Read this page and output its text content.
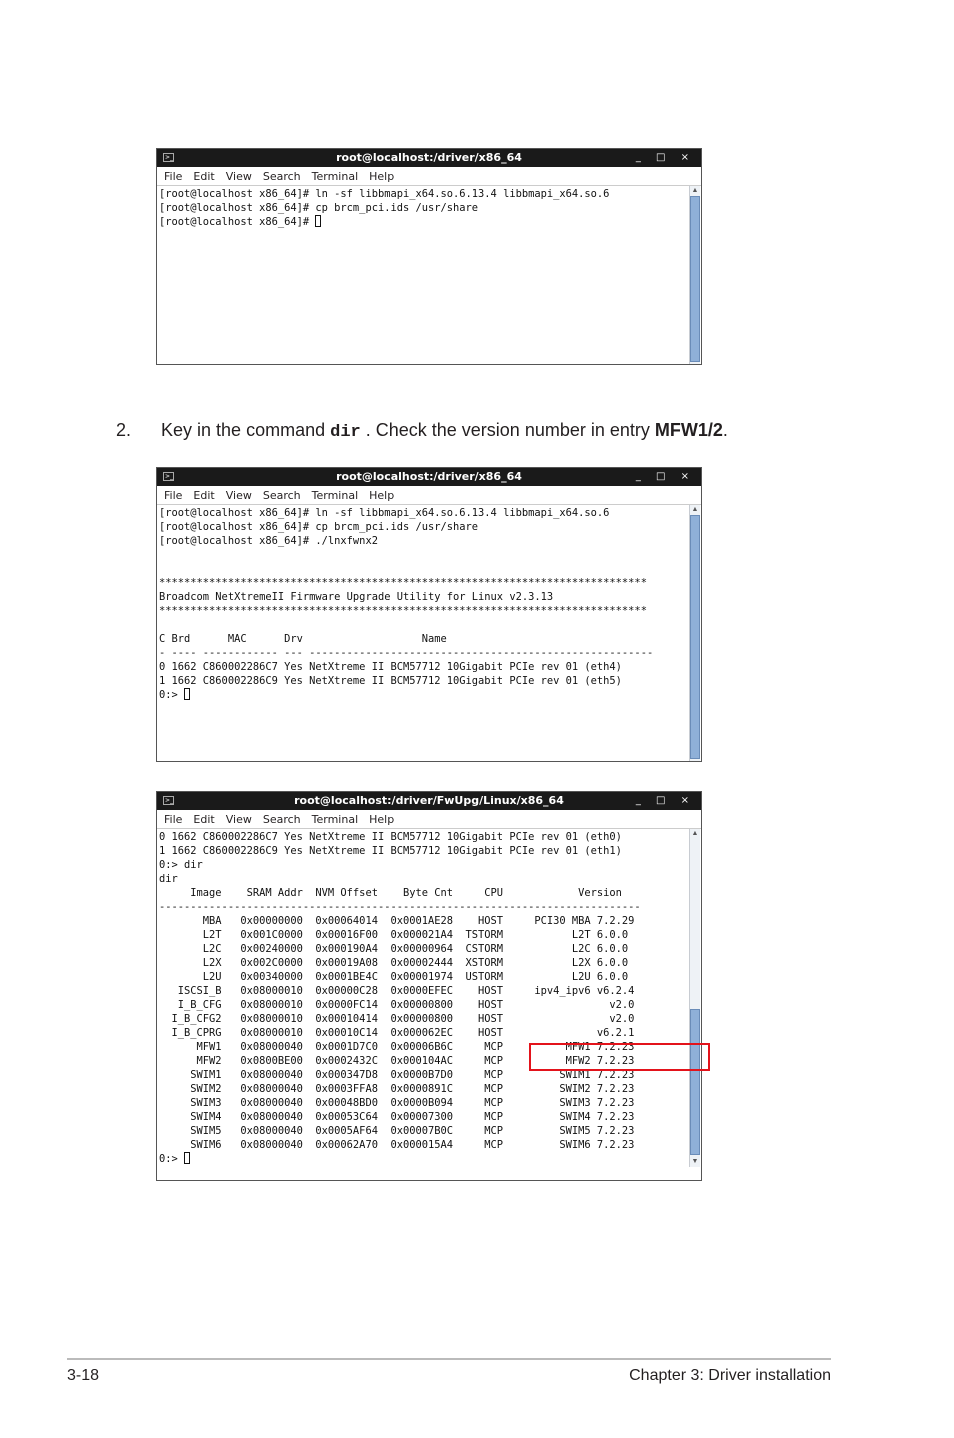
>_	root@localhost:/driver/x86_64	_ □ ×
File Edit View Search Terminal Help
[root@localhost x86_64]# ln -sf libbmapi_x64.so.6.13.4 libbmapi_x64.so.6
[root@localhost x86_64]# cp brcm_pci.ids /usr/share
[root@localhost x86_64]#
▲
2. Key in the command dir . Check the version number in entry MFW1/2.
>_	root@localhost:/driver/x86_64	_ □ ×
File Edit View Search Terminal Help
[root@localhost x86_64]# ln -sf libbmapi_x64.so.6.13.4 libbmapi_x64.so.6
[root@localhost x86_64]# cp brcm_pci.ids /usr/share
[root@localhost x86_64]# ./lnxfwnx2
******************************************************************************
Broadcom NetXtremeII Firmware Upgrade Utility for Linux v2.3.13
******************************************************************************
C Brd      MAC      Drv                   Name
- ---- ------------ --- -------------------------------------------------------
0 1662 C860002286C7 Yes NetXtreme II BCM57712 10Gigabit PCIe rev 01 (eth4)
1 1662 C860002286C9 Yes NetXtreme II BCM57712 10Gigabit PCIe rev 01 (eth5)
0:>
▲
>_	root@localhost:/driver/FwUpg/Linux/x86_64	_ □ ×
File Edit View Search Terminal Help
0 1662 C860002286C7 Yes NetXtreme II BCM57712 10Gigabit PCIe rev 01 (eth0)
1 1662 C860002286C9 Yes NetXtreme II BCM57712 10Gigabit PCIe rev 01 (eth1)
0:> dir
dir
Image    SRAM Addr  NVM Offset    Byte Cnt     CPU            Version
-----------------------------------------------------------------------------
MBA   0x00000000  0x00064014  0x0001AE28    HOST     PCI30 MBA 7.2.29
L2T   0x001C0000  0x00016F00  0x000021A4  TSTORM           L2T 6.0.0
L2C   0x00240000  0x000190A4  0x00000964  CSTORM           L2C 6.0.0
L2X   0x002C0000  0x00019A08  0x00002444  XSTORM           L2X 6.0.0
L2U   0x00340000  0x0001BE4C  0x00001974  USTORM           L2U 6.0.0
ISCSI_B   0x08000010  0x00000C28  0x0000EFEC    HOST     ipv4_ipv6 v6.2.4
I_B_CFG   0x08000010  0x0000FC14  0x00000800    HOST                 v2.0
I_B_CFG2   0x08000010  0x00010414  0x00000800    HOST                 v2.0
I_B_CPRG   0x08000010  0x00010C14  0x000062EC    HOST               v6.2.1
MFW1   0x08000040  0x0001D7C0  0x00006B6C     MCP          MFW1 7.2.23
MFW2   0x0800BE00  0x0002432C  0x000104AC     MCP          MFW2 7.2.23
SWIM1   0x08000040  0x000347D8  0x0000B7D0     MCP         SWIM1 7.2.23
SWIM2   0x08000040  0x0003FFA8  0x0000891C     MCP         SWIM2 7.2.23
SWIM3   0x08000040  0x00048BD0  0x0000B094     MCP         SWIM3 7.2.23
SWIM4   0x08000040  0x00053C64  0x00007300     MCP         SWIM4 7.2.23
SWIM5   0x08000040  0x0005AF64  0x00007B0C     MCP         SWIM5 7.2.23
SWIM6   0x08000040  0x00062A70  0x000015A4     MCP         SWIM6 7.2.23
0:>
▲
▼
3-18	Chapter 3: Driver installation
